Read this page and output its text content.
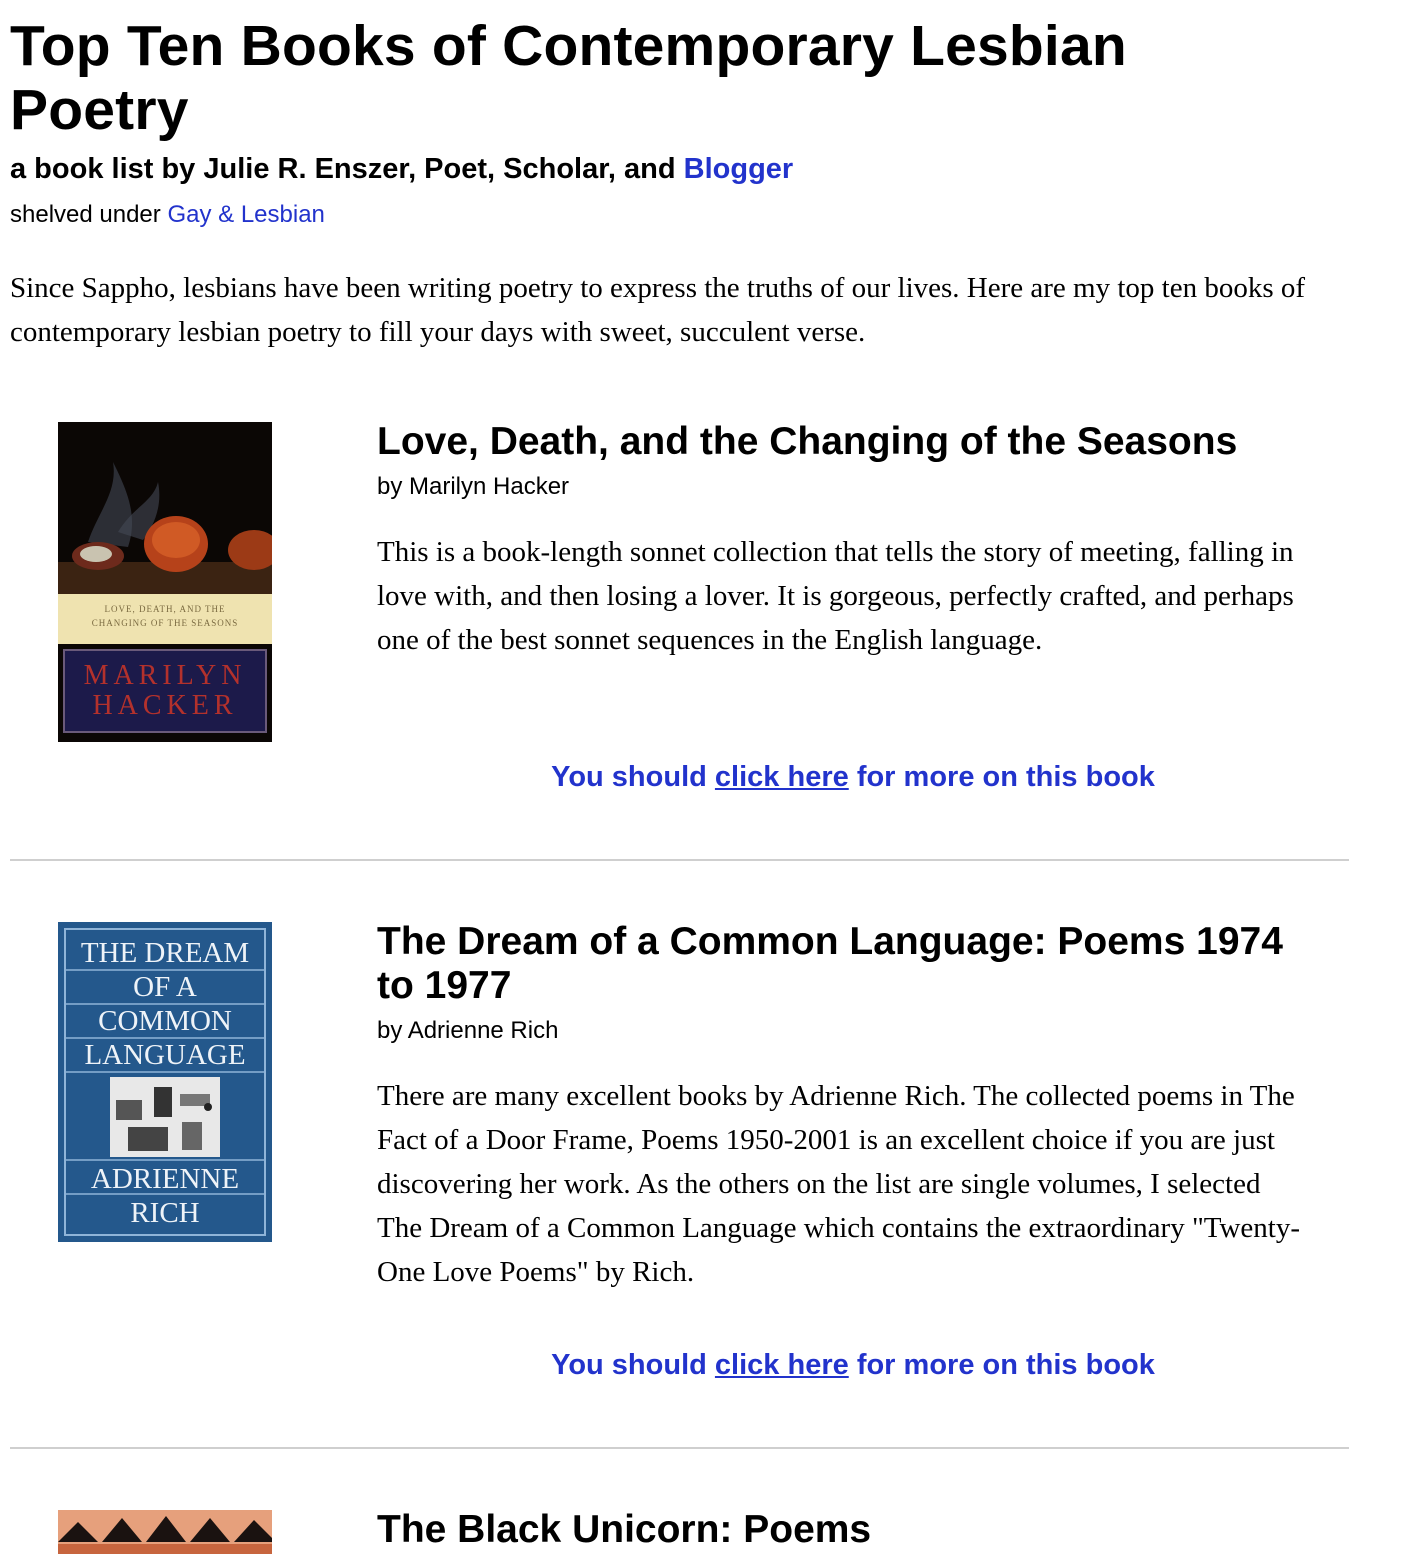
Top Ten Books of Contemporary Lesbian Poetry
a book list by Julie R. Enszer, Poet, Scholar, and Blogger
shelved under Gay & Lesbian

Since Sappho, lesbians have been writing poetry to express the truths of our lives. Here are my top ten books of contemporary lesbian poetry to fill your days with sweet, succulent verse.

LOVE, DEATH, AND THE
CHANGING OF THE SEASONS
MARILYN
HACKER
Love, Death, and the Changing of the Seasons
by Marilyn Hacker

This is a book-length sonnet collection that tells the story of meeting, falling in love with, and then losing a lover. It is gorgeous, perfectly crafted, and perhaps one of the best sonnet sequences in the English language.

You should click here for more on this book
THE DREAM
OF A
COMMON
LANGUAGE
ADRIENNE
RICH
The Dream of a Common Language: Poems 1974 to 1977
by Adrienne Rich

There are many excellent books by Adrienne Rich. The collected poems in The Fact of a Door Frame, Poems 1950-2001 is an excellent choice if you are just discovering her work. As the others on the list are single volumes, I selected The Dream of a Common Language which contains the extraordinary "Twenty-One Love Poems" by Rich.

You should click here for more on this book
The Black Unicorn: Poems
